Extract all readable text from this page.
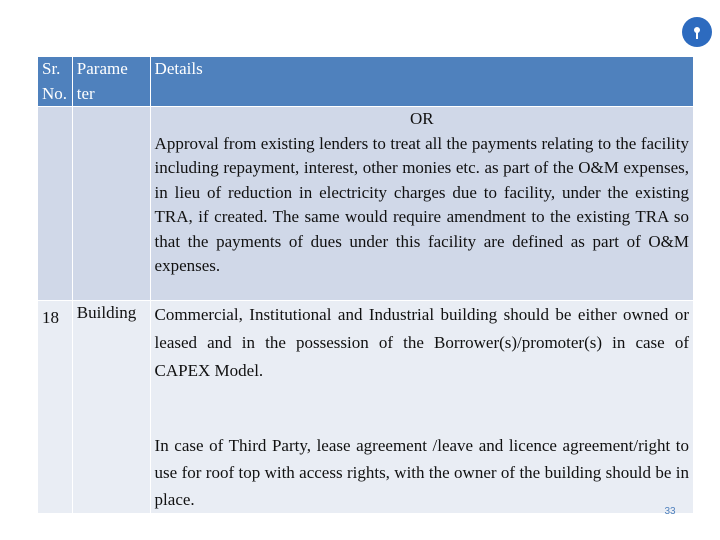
Sr. No.	Parame ter	Details

		OR
Approval from existing lenders to treat all the payments relating to the facility including repayment, interest, other monies etc. as part of the O&M expenses, in lieu of reduction in electricity charges due to facility, under the existing TRA, if created. The same would require amendment to the existing TRA so that the payments of dues under this facility are defined as part of O&M expenses.

18	Building	Commercial, Institutional and Industrial building should be either owned or leased and in the possession of the Borrower(s)/promoter(s) in case of CAPEX Model.
In case of Third Party, lease agreement /leave and licence agreement/right to use for roof top with access rights, with the owner of the building should be in place.
33
